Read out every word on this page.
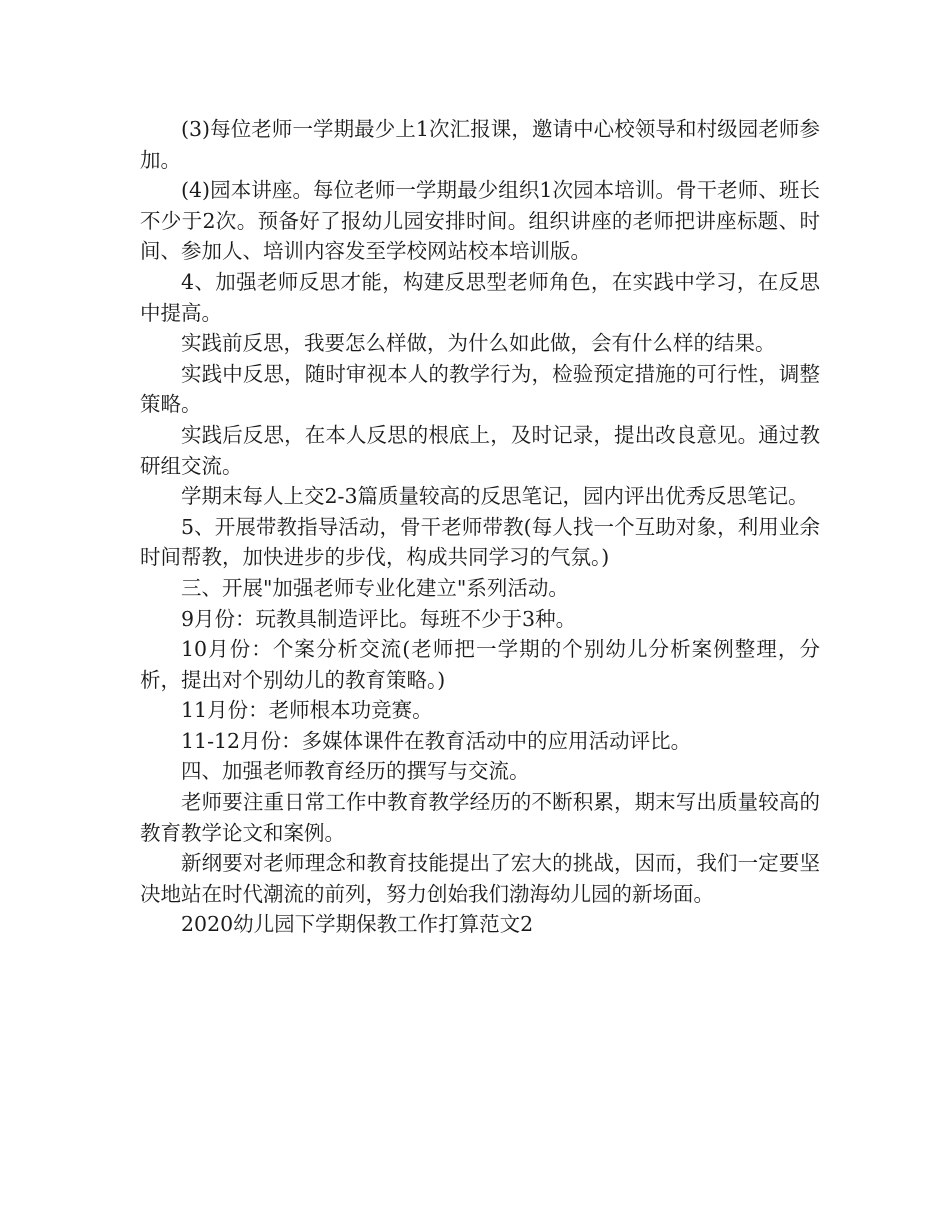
(3)每位老师一学期最少上1次汇报课，邀请中心校领导和村级园老师参加。

(4)园本讲座。每位老师一学期最少组织1次园本培训。骨干老师、班长不少于2次。预备好了报幼儿园安排时间。组织讲座的老师把讲座标题、时间、参加人、培训内容发至学校网站校本培训版。

4、加强老师反思才能，构建反思型老师角色，在实践中学习，在反思中提高。

实践前反思，我要怎么样做，为什么如此做，会有什么样的结果。

实践中反思，随时审视本人的教学行为，检验预定措施的可行性，调整策略。

实践后反思，在本人反思的根底上，及时记录，提出改良意见。通过教研组交流。

学期末每人上交2-3篇质量较高的反思笔记，园内评出优秀反思笔记。

5、开展带教指导活动，骨干老师带教(每人找一个互助对象，利用业余时间帮教，加快进步的步伐，构成共同学习的气氛。)

三、开展"加强老师专业化建立"系列活动。

9月份：玩教具制造评比。每班不少于3种。

10月份：个案分析交流(老师把一学期的个别幼儿分析案例整理，分析，提出对个别幼儿的教育策略。)

11月份：老师根本功竞赛。

11-12月份：多媒体课件在教育活动中的应用活动评比。

四、加强老师教育经历的撰写与交流。

老师要注重日常工作中教育教学经历的不断积累，期末写出质量较高的教育教学论文和案例。

新纲要对老师理念和教育技能提出了宏大的挑战，因而，我们一定要坚决地站在时代潮流的前列，努力创始我们渤海幼儿园的新场面。

2020幼儿园下学期保教工作打算范文2
